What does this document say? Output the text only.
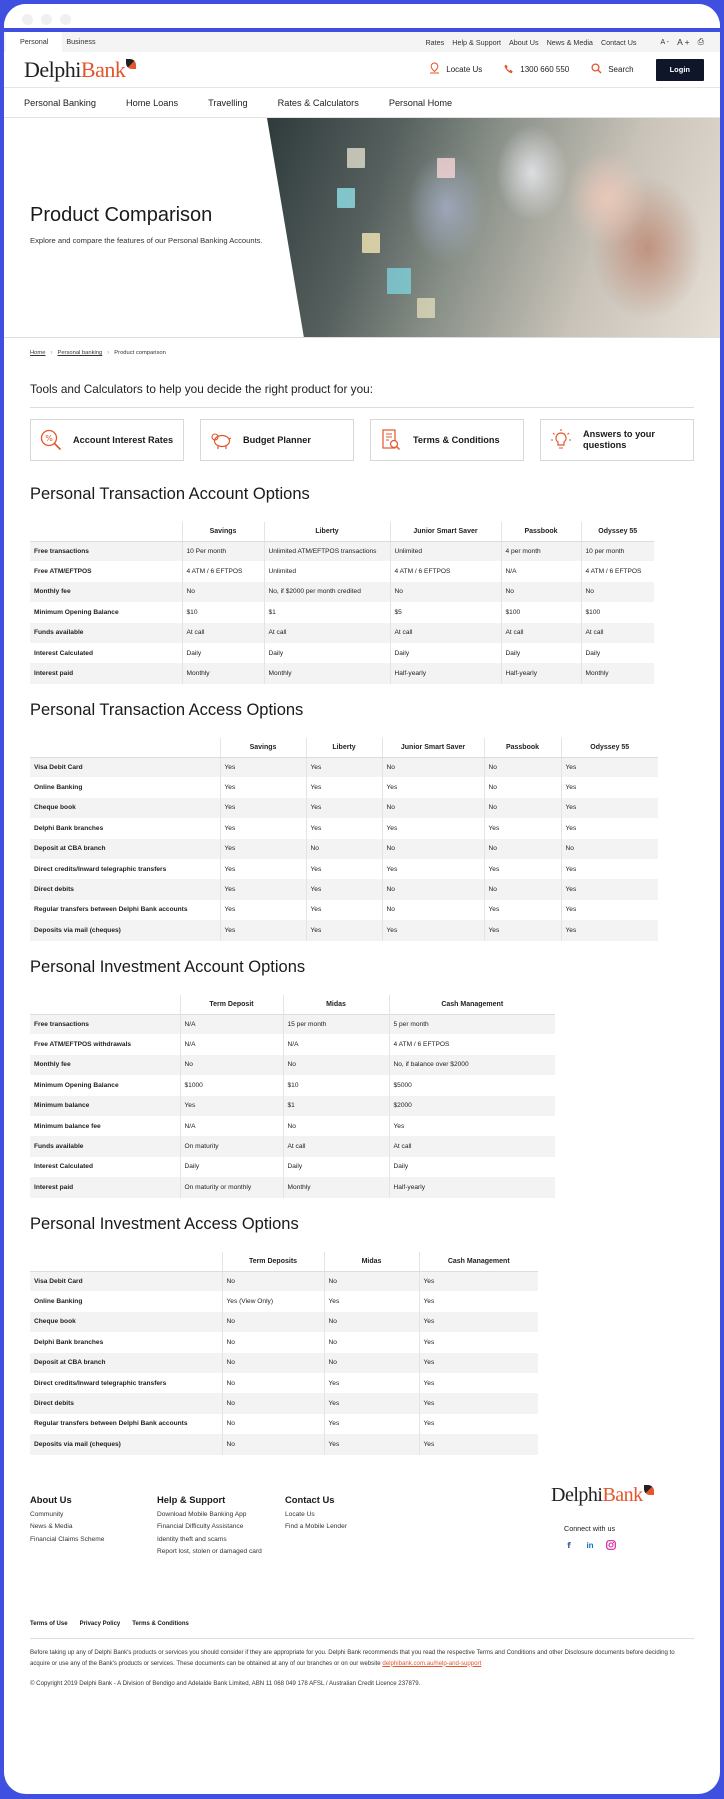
Personal	Business	Rates Help & Support About Us News & Media Contact Us	A - A + ⎙
Delphi Bank	Locate Us	1300 660 550	Search	Login
Personal Banking	Home Loans	Travelling	Rates & Calculators	Personal Home
Product Comparison

Explore and compare the features of our Personal Banking Accounts.

Home › Personal banking › Product comparison
Tools and Calculators to help you decide the right product for you:
% Account Interest Rates	Budget Planner	Terms & Conditions
Answers to your questions
Personal Transaction Account Options
	Savings	Liberty	Junior Smart Saver	Passbook	Odyssey 55
Free transactions	10 Per month	Unlimited ATM/EFTPOS transactions	Unlimited	4 per month	10 per month
Free ATM/EFTPOS	4 ATM / 6 EFTPOS	Unlimited	4 ATM / 6 EFTPOS	N/A	4 ATM / 6 EFTPOS
Monthly fee	No	No, if $2000 per month credited	No	No	No
Minimum Opening Balance	$10	$1	$5	$100	$100
Funds available	At call	At call	At call	At call	At call
Interest Calculated	Daily	Daily	Daily	Daily	Daily
Interest paid	Monthly	Monthly	Half-yearly	Half-yearly	Monthly
Personal Transaction Access Options
	Savings	Liberty	Junior Smart Saver	Passbook	Odyssey 55
Visa Debit Card	Yes	Yes	No	No	Yes
Online Banking	Yes	Yes	Yes	No	Yes
Cheque book	Yes	Yes	No	No	Yes
Delphi Bank branches	Yes	Yes	Yes	Yes	Yes
Deposit at CBA branch	Yes	No	No	No	No
Direct credits/Inward telegraphic transfers	Yes	Yes	Yes	Yes	Yes
Direct debits	Yes	Yes	No	No	Yes
Regular transfers between Delphi Bank accounts	Yes	Yes	No	Yes	Yes
Deposits via mail (cheques)	Yes	Yes	Yes	Yes	Yes
Personal Investment Account Options
	Term Deposit	Midas	Cash Management
Free transactions	N/A	15 per month	5 per month
Free ATM/EFTPOS withdrawals	N/A	N/A	4 ATM / 6 EFTPOS
Monthly fee	No	No	No, if balance over $2000
Minimum Opening Balance	$1000	$10	$5000
Minimum balance	Yes	$1	$2000
Minimum balance fee	N/A	No	Yes
Funds available	On maturity	At call	At call
Interest Calculated	Daily	Daily	Daily
Interest paid	On maturity or monthly	Monthly	Half-yearly
Personal Investment Access Options
	Term Deposits	Midas	Cash Management
Visa Debit Card	No	No	Yes
Online Banking	Yes (View Only)	Yes	Yes
Cheque book	No	No	Yes
Delphi Bank branches	No	No	Yes
Deposit at CBA branch	No	No	Yes
Direct credits/Inward telegraphic transfers	No	Yes	Yes
Direct debits	No	Yes	Yes
Regular transfers between Delphi Bank accounts	No	Yes	Yes
Deposits via mail (cheques)	No	Yes	Yes
About Us
Community
News & Media
Financial Claims Scheme
Help & Support
Download Mobile Banking App
Financial Difficulty Assistance
Identity theft and scams
Report lost, stolen or damaged card
Contact Us
Locate Us
Find a Mobile Lender
Delphi Bank
Connect with us
f	in
Terms of Use Privacy Policy Terms & Conditions
Before taking up any of Delphi Bank's products or services you should consider if they are appropriate for you. Delphi Bank recommends that you read the respective Terms and Conditions and other Disclosure documents before deciding to acquire or use any of the Bank's products or services. These documents can be obtained at any of our branches or on our website delphibank.com.au/help-and-support
© Copyright 2019 Delphi Bank - A Division of Bendigo and Adelaide Bank Limited, ABN 11 068 049 178 AFSL / Australian Credit Licence 237879.
